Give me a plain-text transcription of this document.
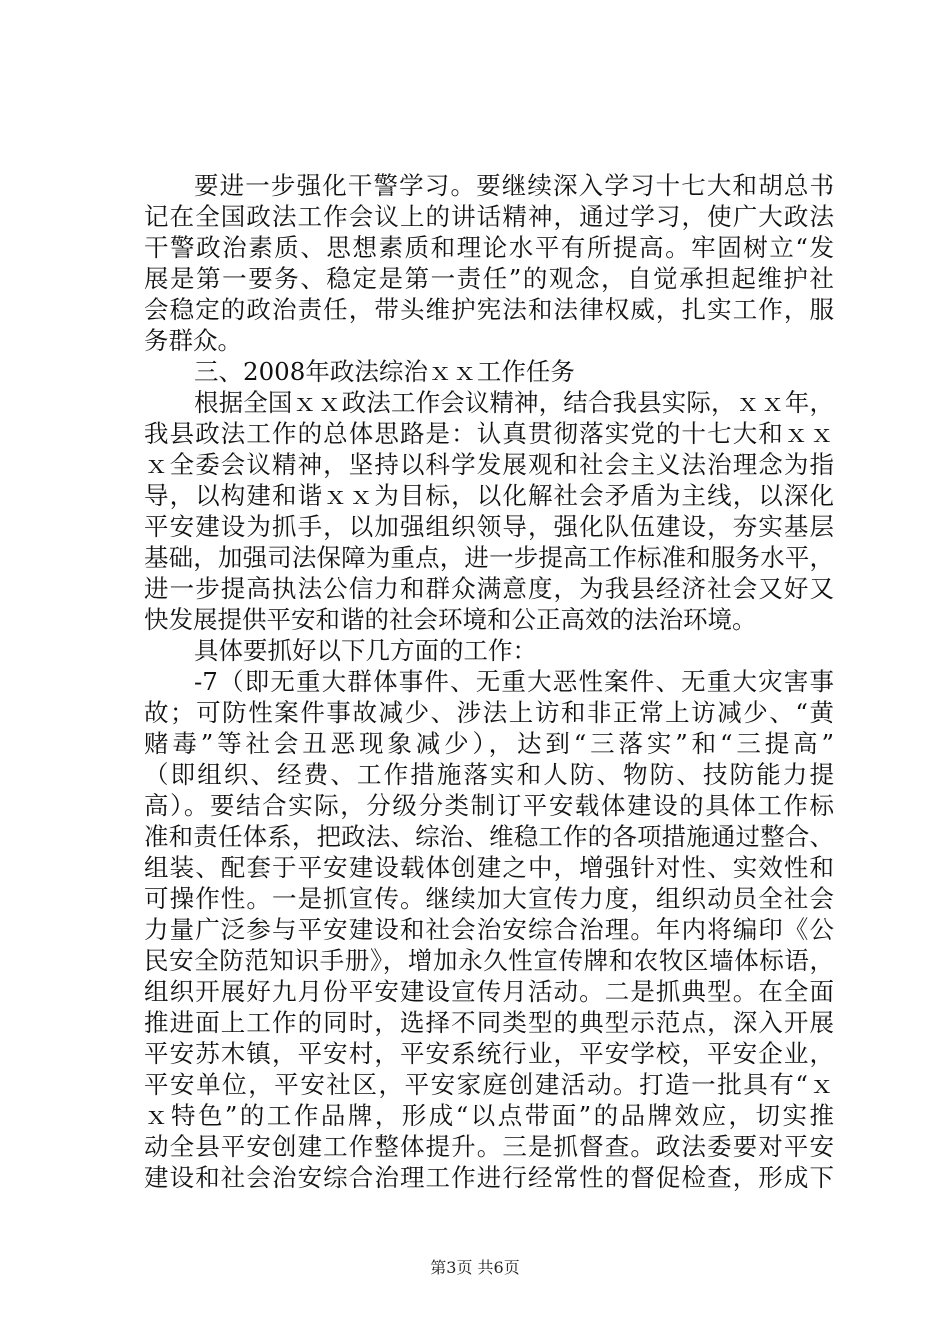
要进一步强化干警学习。要继续深入学习十七大和胡总书
记在全国政法工作会议上的讲话精神，通过学习，使广大政法
干警政治素质、思想素质和理论水平有所提高。牢固树立“发
展是第一要务、稳定是第一责任”的观念，自觉承担起维护社
会稳定的政治责任，带头维护宪法和法律权威，扎实工作，服
务群众。
三、2008年政法综治ｘｘ工作任务
根据全国ｘｘ政法工作会议精神，结合我县实际，ｘｘ年，
我县政法工作的总体思路是：认真贯彻落实党的十七大和ｘｘ
ｘ全委会议精神，坚持以科学发展观和社会主义法治理念为指
导，以构建和谐ｘｘ为目标，以化解社会矛盾为主线，以深化
平安建设为抓手，以加强组织领导，强化队伍建设，夯实基层
基础，加强司法保障为重点，进一步提高工作标准和服务水平，
进一步提高执法公信力和群众满意度，为我县经济社会又好又
快发展提供平安和谐的社会环境和公正高效的法治环境。
具体要抓好以下几方面的工作：
-7（即无重大群体事件、无重大恶性案件、无重大灾害事
故；可防性案件事故减少、涉法上访和非正常上访减少、“黄
赌毒”等社会丑恶现象减少），达到“三落实”和“三提高”
（即组织、经费、工作措施落实和人防、物防、技防能力提
高）。要结合实际，分级分类制订平安载体建设的具体工作标
准和责任体系，把政法、综治、维稳工作的各项措施通过整合、
组装、配套于平安建设载体创建之中，增强针对性、实效性和
可操作性。一是抓宣传。继续加大宣传力度，组织动员全社会
力量广泛参与平安建设和社会治安综合治理。年内将编印《公
民安全防范知识手册》，增加永久性宣传牌和农牧区墙体标语，
组织开展好九月份平安建设宣传月活动。二是抓典型。在全面
推进面上工作的同时，选择不同类型的典型示范点，深入开展
平安苏木镇，平安村，平安系统行业，平安学校，平安企业，
平安单位，平安社区，平安家庭创建活动。打造一批具有“ｘ
ｘ特色”的工作品牌，形成“以点带面”的品牌效应，切实推
动全县平安创建工作整体提升。三是抓督查。政法委要对平安
建设和社会治安综合治理工作进行经常性的督促检查，形成下
第3页 共6页
